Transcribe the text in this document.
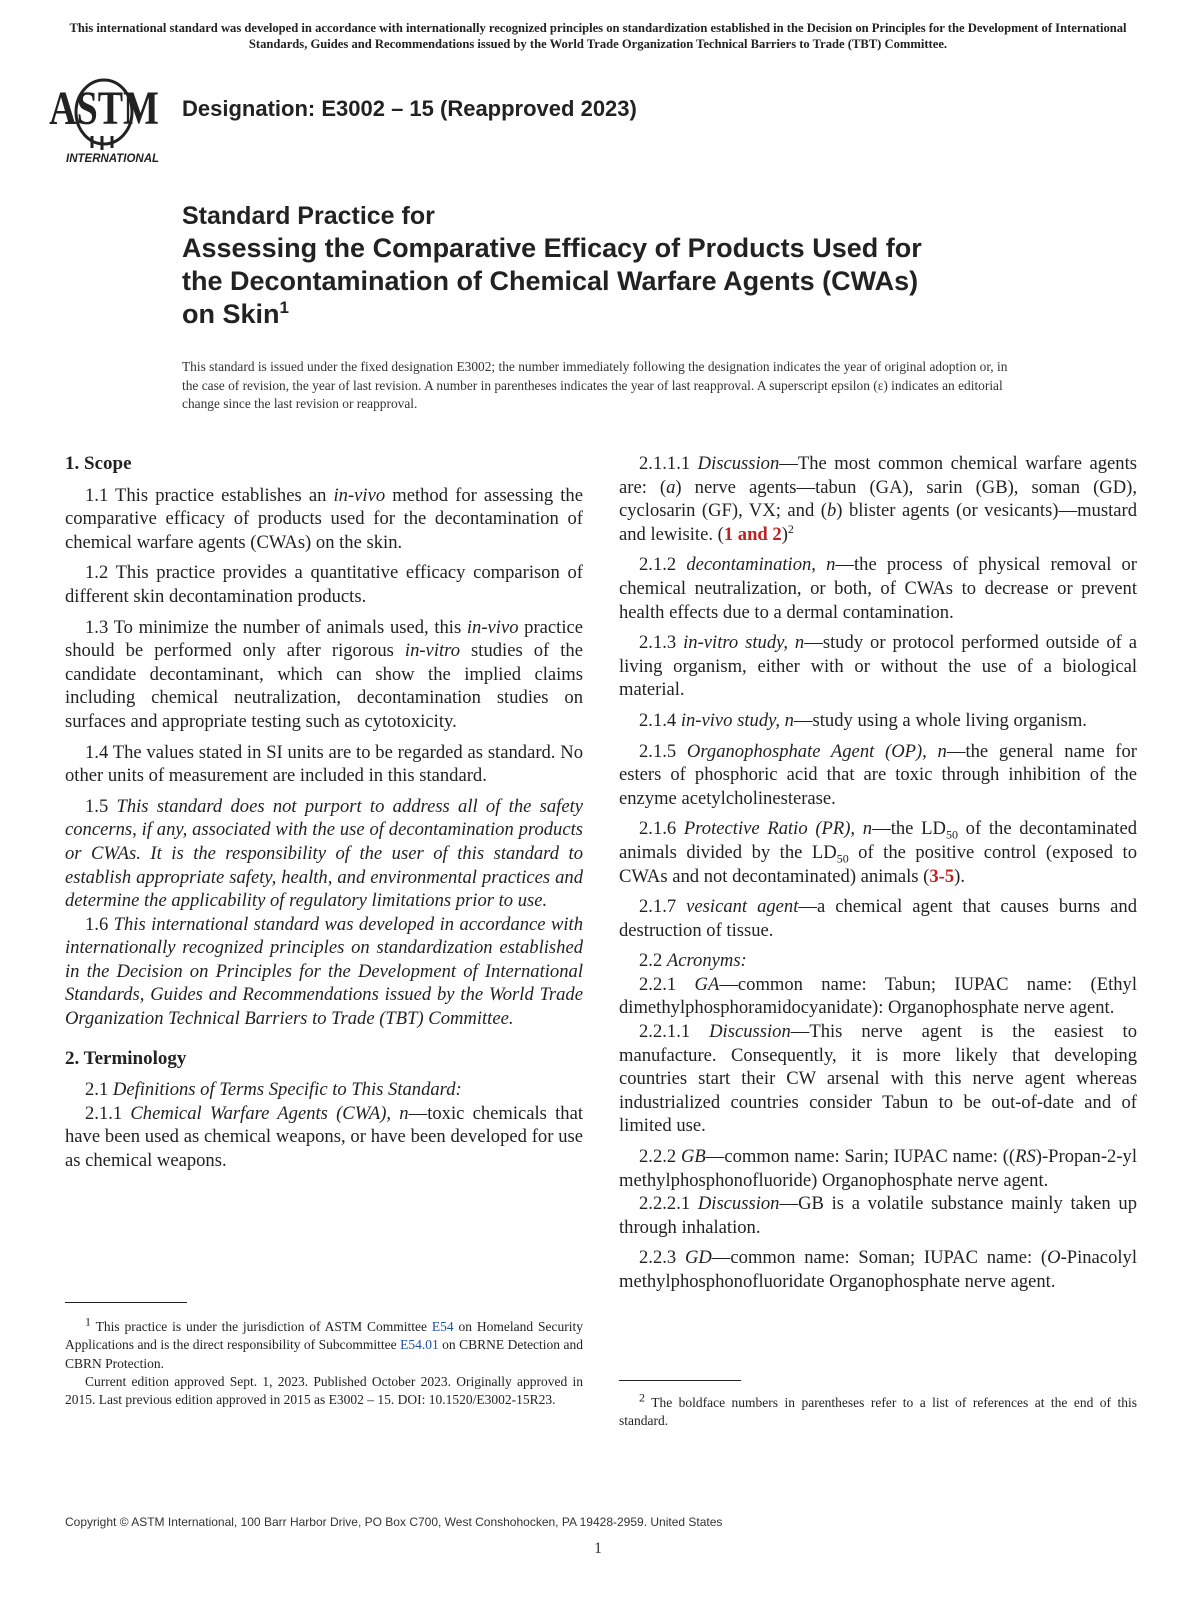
This international standard was developed in accordance with internationally recognized principles on standardization established in the Decision on Principles for the Development of International Standards, Guides and Recommendations issued by the World Trade Organization Technical Barriers to Trade (TBT) Committee.
ASTM
INTERNATIONAL
Designation: E3002 – 15 (Reapproved 2023)
Standard Practice for
Assessing the Comparative Efficacy of Products Used for
the Decontamination of Chemical Warfare Agents (CWAs)
on Skin$^1$
This standard is issued under the fixed designation E3002; the number immediately following the designation indicates the year of original adoption or, in the case of revision, the year of last revision. A number in parentheses indicates the year of last reapproval. A superscript epsilon (ε) indicates an editorial change since the last revision or reapproval.
1. Scope

1.1 This practice establishes an in-vivo method for assessing the comparative efficacy of products used for the decontamination of chemical warfare agents (CWAs) on the skin.

1.2 This practice provides a quantitative efficacy comparison of different skin decontamination products.

1.3 To minimize the number of animals used, this in-vivo practice should be performed only after rigorous in-vitro studies of the candidate decontaminant, which can show the implied claims including chemical neutralization, decontamination studies on surfaces and appropriate testing such as cytotoxicity.

1.4 The values stated in SI units are to be regarded as standard. No other units of measurement are included in this standard.

1.5 This standard does not purport to address all of the safety concerns, if any, associated with the use of decontamination products or CWAs. It is the responsibility of the user of this standard to establish appropriate safety, health, and environmental practices and determine the applicability of regulatory limitations prior to use.

1.6 This international standard was developed in accordance with internationally recognized principles on standardization established in the Decision on Principles for the Development of International Standards, Guides and Recommendations issued by the World Trade Organization Technical Barriers to Trade (TBT) Committee.

2. Terminology

2.1 Definitions of Terms Specific to This Standard:

2.1.1 Chemical Warfare Agents (CWA), n—toxic chemicals that have been used as chemical weapons, or have been developed for use as chemical weapons.

2.1.1.1 Discussion—The most common chemical warfare agents are: (a) nerve agents—tabun (GA), sarin (GB), soman (GD), cyclosarin (GF), VX; and (b) blister agents (or vesicants)—mustard and lewisite. (1 and 2)$^2$

2.1.2 decontamination, n—the process of physical removal or chemical neutralization, or both, of CWAs to decrease or prevent health effects due to a dermal contamination.

2.1.3 in-vitro study, n—study or protocol performed outside of a living organism, either with or without the use of a biological material.

2.1.4 in-vivo study, n—study using a whole living organism.

2.1.5 Organophosphate Agent (OP), n—the general name for esters of phosphoric acid that are toxic through inhibition of the enzyme acetylcholinesterase.

2.1.6 Protective Ratio (PR), n—the $LD_{50}$ of the decontaminated animals divided by the $LD_{50}$ of the positive control (exposed to CWAs and not decontaminated) animals (3-5).

2.1.7 vesicant agent—a chemical agent that causes burns and destruction of tissue.

2.2 Acronyms:

2.2.1 GA—common name: Tabun; IUPAC name: (Ethyl dimethylphosphoramidocyanidate): Organophosphate nerve agent.

2.2.1.1 Discussion—This nerve agent is the easiest to manufacture. Consequently, it is more likely that developing countries start their CW arsenal with this nerve agent whereas industrialized countries consider Tabun to be out-of-date and of limited use.

2.2.2 GB—common name: Sarin; IUPAC name: ((RS)-Propan-2-yl methylphosphonofluoride) Organophosphate nerve agent.

2.2.2.1 Discussion—GB is a volatile substance mainly taken up through inhalation.

2.2.3 GD—common name: Soman; IUPAC name: (O-Pinacolyl methylphosphonofluoridate Organophosphate nerve agent.

$^1$ This practice is under the jurisdiction of ASTM Committee E54 on Homeland Security Applications and is the direct responsibility of Subcommittee E54.01 on CBRNE Detection and CBRN Protection.

Current edition approved Sept. 1, 2023. Published October 2023. Originally approved in 2015. Last previous edition approved in 2015 as E3002 – 15. DOI: 10.1520/E3002-15R23.	$^2$ The boldface numbers in parentheses refer to a list of references at the end of this standard.

Copyright © ASTM International, 100 Barr Harbor Drive, PO Box C700, West Conshohocken, PA 19428-2959. United States
1
